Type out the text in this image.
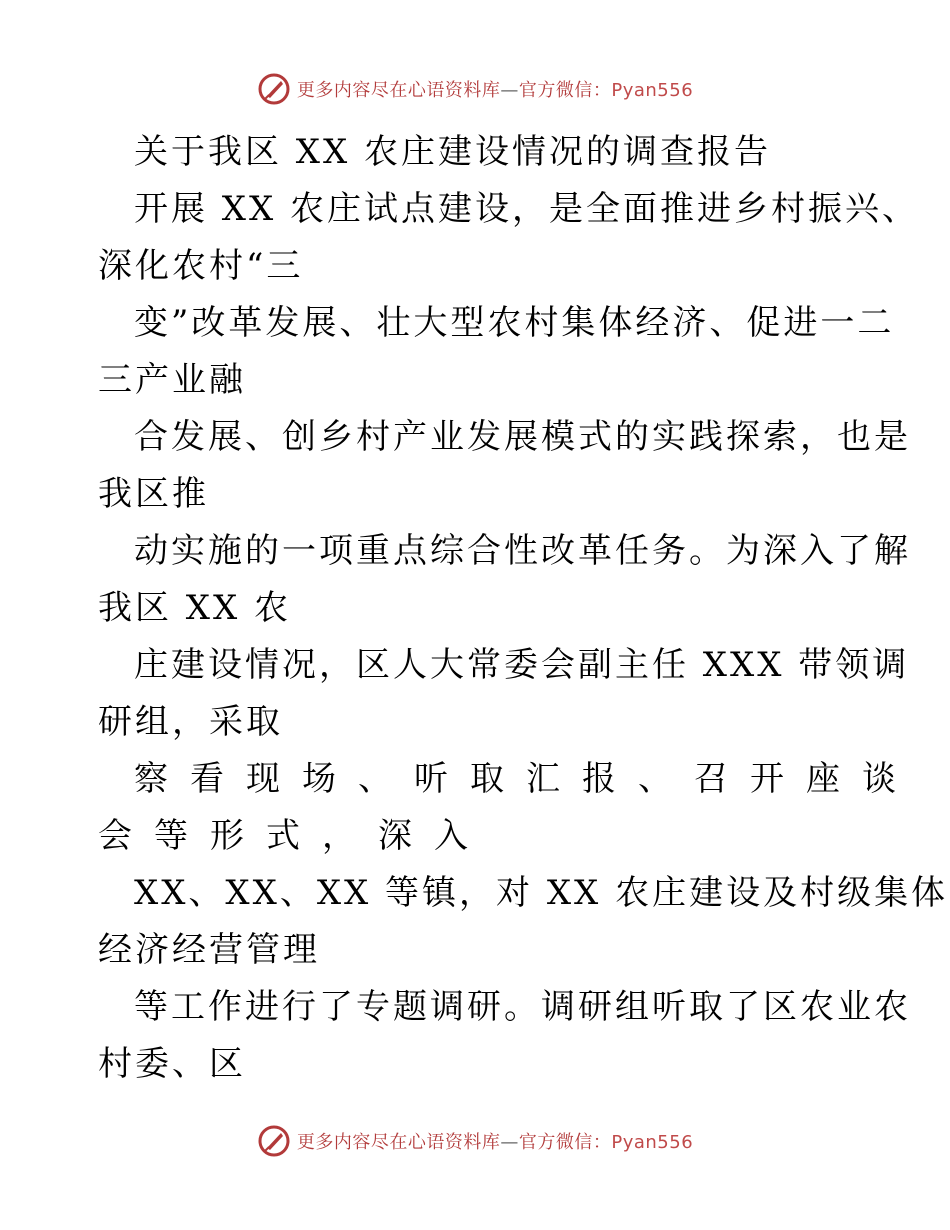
更多内容尽在心语资料库—官方微信：Pyan556
关于我区 XX 农庄建设情况的调查报告
开展 XX 农庄试点建设，是全面推进乡村振兴、
深化农村“三
变”改革发展、壮大型农村集体经济、促进一二
三产业融
合发展、创乡村产业发展模式的实践探索，也是
我区推
动实施的一项重点综合性改革任务。为深入了解
我区 XX 农
庄建设情况，区人大常委会副主任 XXX 带领调
研组，采取
察看现场、听取汇报、召开座谈
会等形式，深入
XX、XX、XX 等镇，对 XX 农庄建设及村级集体
经济经营管理
等工作进行了专题调研。调研组听取了区农业农
村委、区
更多内容尽在心语资料库—官方微信：Pyan556
